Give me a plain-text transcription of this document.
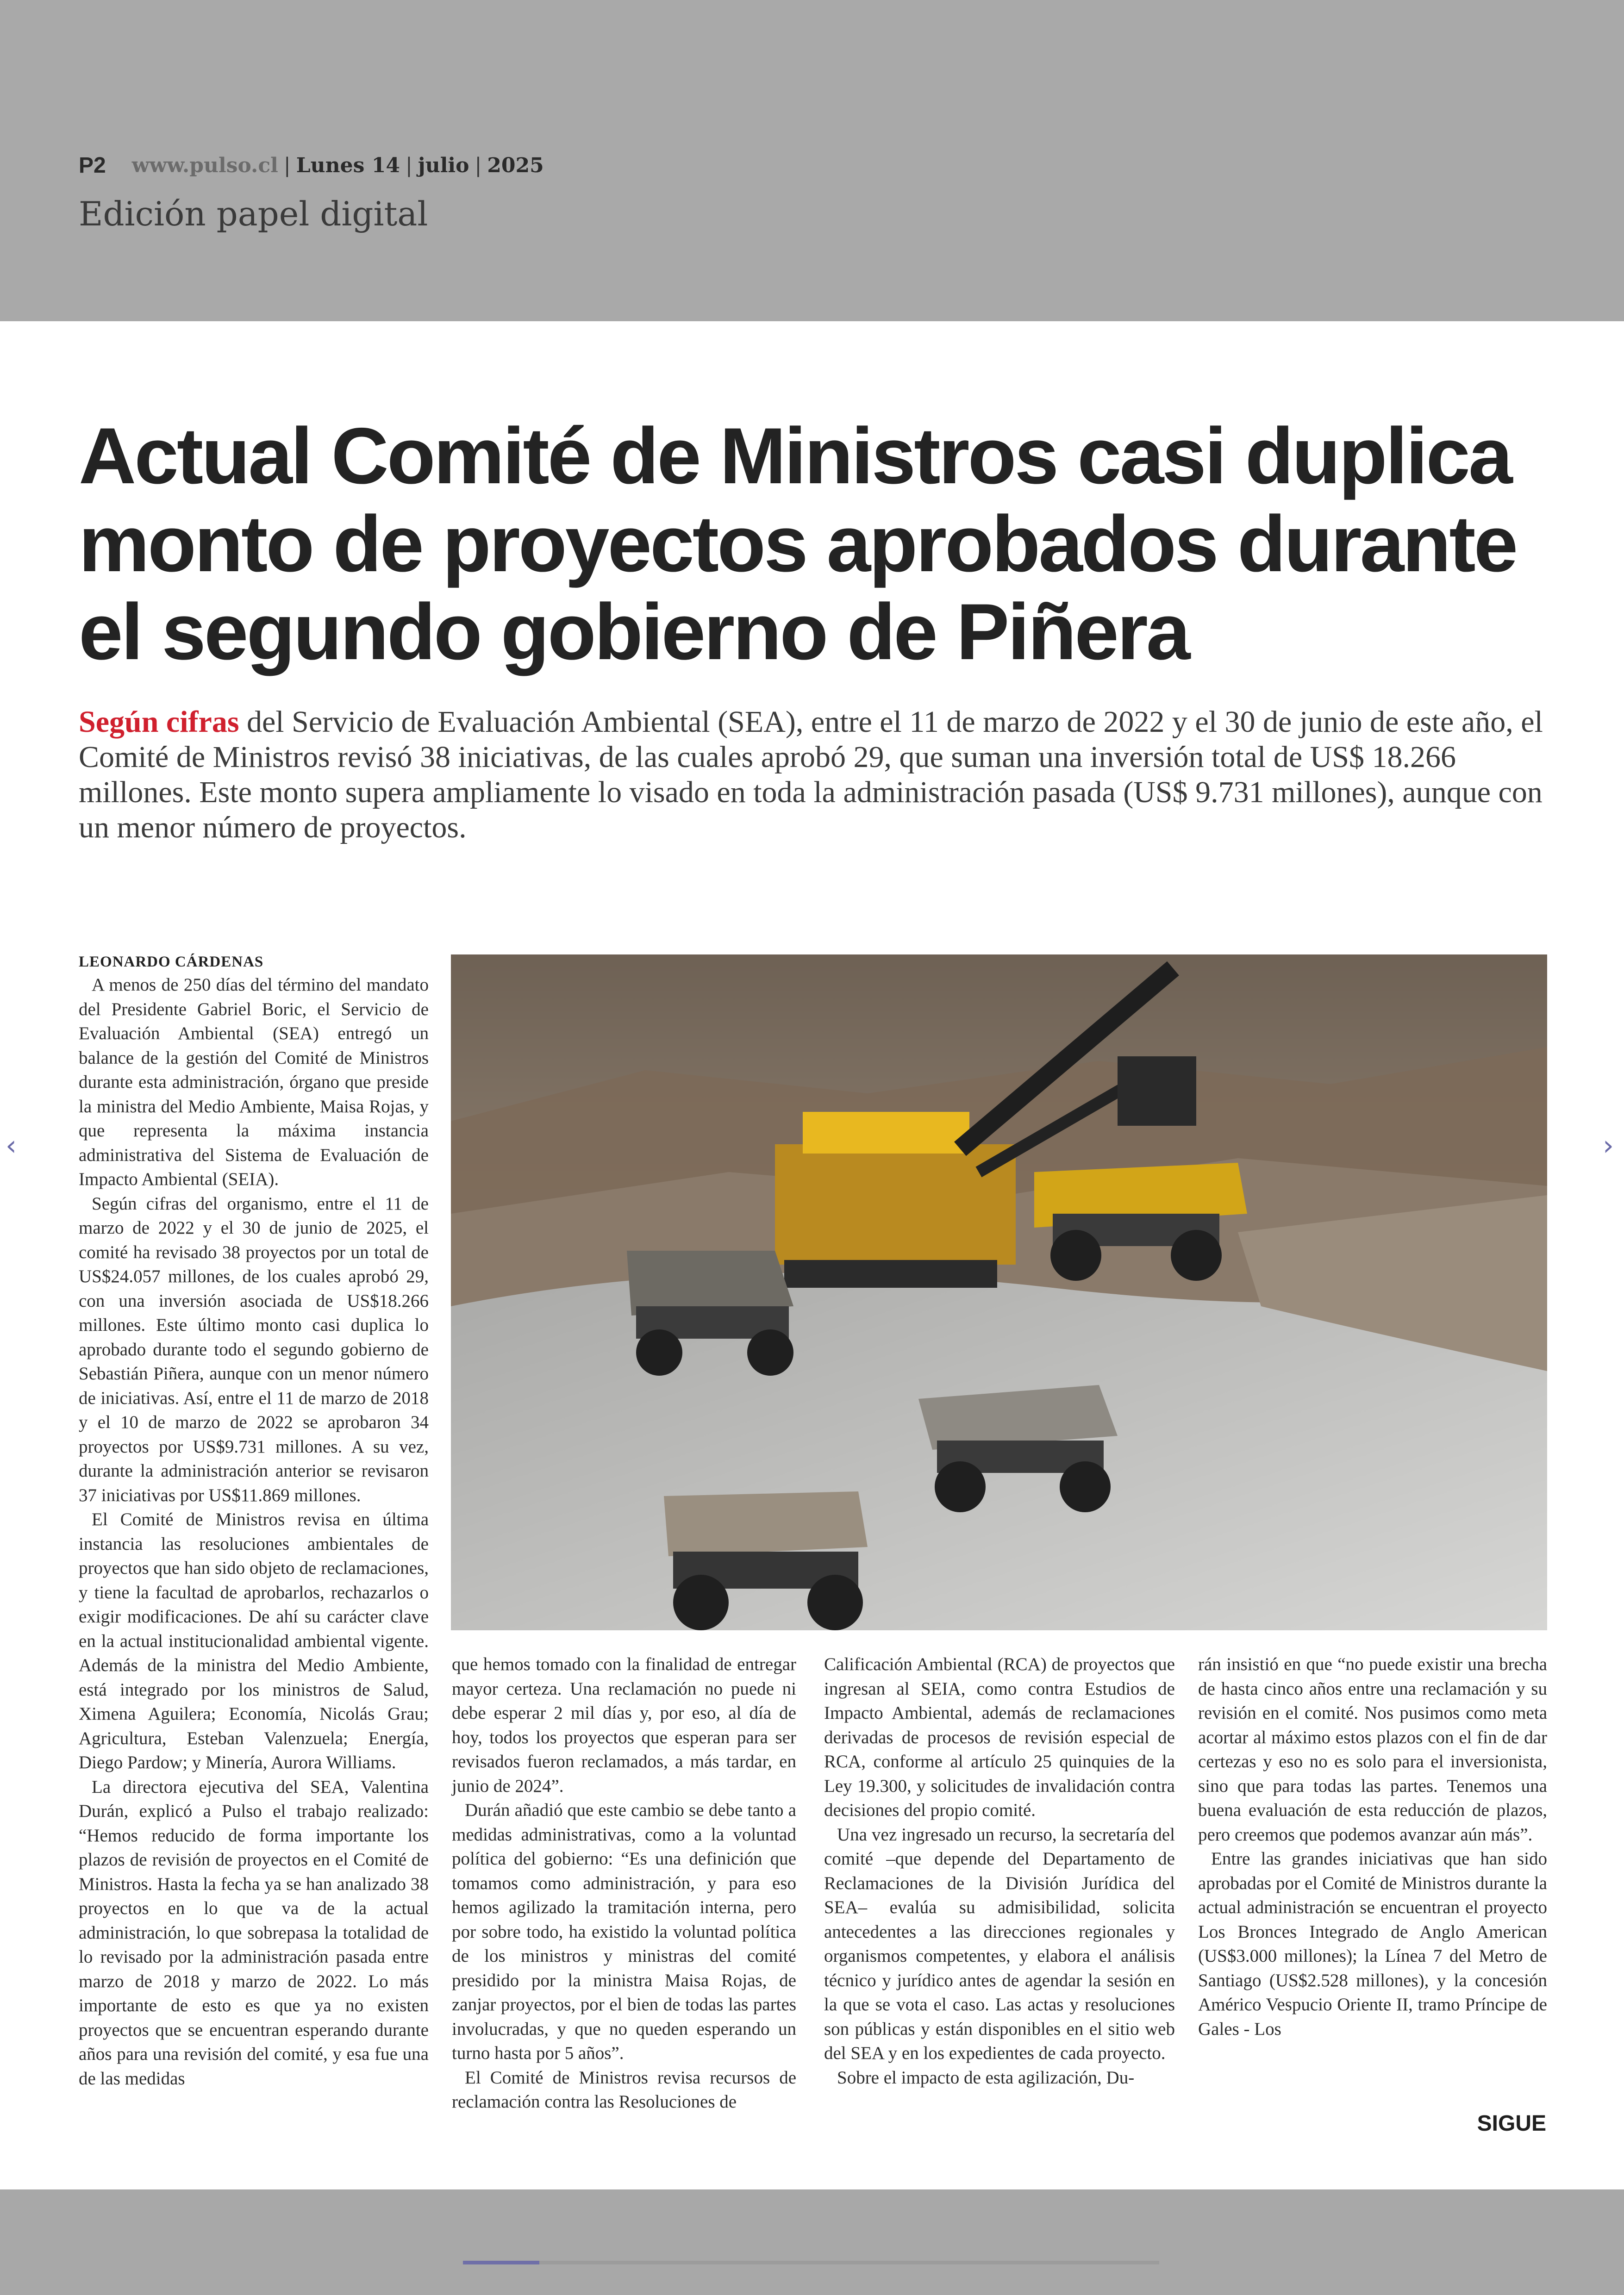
P2 www.pulso.cl | Lunes 14 | julio | 2025
Edición papel digital
Actual Comité de Ministros casi duplica monto de proyectos aprobados durante el segundo gobierno de Piñera

Según cifras del Servicio de Evaluación Ambiental (SEA), entre el 11 de marzo de 2022 y el 30 de junio de este año, el Comité de Ministros revisó 38 iniciativas, de las cuales aprobó 29, que suman una inversión total de US$ 18.266 millones. Este monto supera ampliamente lo visado en toda la administración pasada (US$ 9.731 millones), aunque con un menor número de proyectos.

LEONARDO CÁRDENAS

A menos de 250 días del término del mandato del Presidente Gabriel Boric, el Servicio de Evaluación Ambiental (SEA) entregó un balance de la gestión del Comité de Ministros durante esta administración, órgano que preside la ministra del Medio Ambiente, Maisa Rojas, y que representa la máxima instancia administrativa del Sistema de Evaluación de Impacto Ambiental (SEIA).

Según cifras del organismo, entre el 11 de marzo de 2022 y el 30 de junio de 2025, el comité ha revisado 38 proyectos por un total de US$24.057 millones, de los cuales aprobó 29, con una inversión asociada de US$18.266 millones. Este último monto casi duplica lo aprobado durante todo el segundo gobierno de Sebastián Piñera, aunque con un menor número de iniciativas. Así, entre el 11 de marzo de 2018 y el 10 de marzo de 2022 se aprobaron 34 proyectos por US$9.731 millones. A su vez, durante la administración anterior se revisaron 37 iniciativas por US$11.869 millones.

El Comité de Ministros revisa en última instancia las resoluciones ambientales de proyectos que han sido objeto de reclamaciones, y tiene la facultad de aprobarlos, rechazarlos o exigir modificaciones. De ahí su carácter clave en la actual institucionalidad ambiental vigente. Además de la ministra del Medio Ambiente, está integrado por los ministros de Salud, Ximena Aguilera; Economía, Nicolás Grau; Agricultura, Esteban Valenzuela; Energía, Diego Pardow; y Minería, Aurora Williams.

La directora ejecutiva del SEA, Valentina Durán, explicó a Pulso el trabajo realizado: “Hemos reducido de forma importante los plazos de revisión de proyectos en el Comité de Ministros. Hasta la fecha ya se han analizado 38 proyectos en lo que va de la actual administración, lo que sobrepasa la totalidad de lo revisado por la administración pasada entre marzo de 2018 y marzo de 2022. Lo más importante de esto es que ya no existen proyectos que se encuentran esperando durante años para una revisión del comité, y esa fue una de las medidas

que hemos tomado con la finalidad de entregar mayor certeza. Una reclamación no puede ni debe esperar 2 mil días y, por eso, al día de hoy, todos los proyectos que esperan para ser revisados fueron reclamados, a más tardar, en junio de 2024”.

Durán añadió que este cambio se debe tanto a medidas administrativas, como a la voluntad política del gobierno: “Es una definición que tomamos como administración, y para eso hemos agilizado la tramitación interna, pero por sobre todo, ha existido la voluntad política de los ministros y ministras del comité presidido por la ministra Maisa Rojas, de zanjar proyectos, por el bien de todas las partes involucradas, y que no queden esperando un turno hasta por 5 años”.

El Comité de Ministros revisa recursos de reclamación contra las Resoluciones de

Calificación Ambiental (RCA) de proyectos que ingresan al SEIA, como contra Estudios de Impacto Ambiental, además de reclamaciones derivadas de procesos de revisión especial de RCA, conforme al artículo 25 quinquies de la Ley 19.300, y solicitudes de invalidación contra decisiones del propio comité.

Una vez ingresado un recurso, la secretaría del comité –que depende del Departamento de Reclamaciones de la División Jurídica del SEA– evalúa su admisibilidad, solicita antecedentes a las direcciones regionales y organismos competentes, y elabora el análisis técnico y jurídico antes de agendar la sesión en la que se vota el caso. Las actas y resoluciones son públicas y están disponibles en el sitio web del SEA y en los expedientes de cada proyecto.

Sobre el impacto de esta agilización, Du-

rán insistió en que “no puede existir una brecha de hasta cinco años entre una reclamación y su revisión en el comité. Nos pusimos como meta acortar al máximo estos plazos con el fin de dar certezas y eso no es solo para el inversionista, sino que para todas las partes. Tenemos una buena evaluación de esta reducción de plazos, pero creemos que podemos avanzar aún más”.

Entre las grandes iniciativas que han sido aprobadas por el Comité de Ministros durante la actual administración se encuentran el proyecto Los Bronces Integrado de Anglo American (US$3.000 millones); la Línea 7 del Metro de Santiago (US$2.528 millones), y la concesión Américo Vespucio Oriente II, tramo Príncipe de Gales - Los

SIGUE
‹	›
